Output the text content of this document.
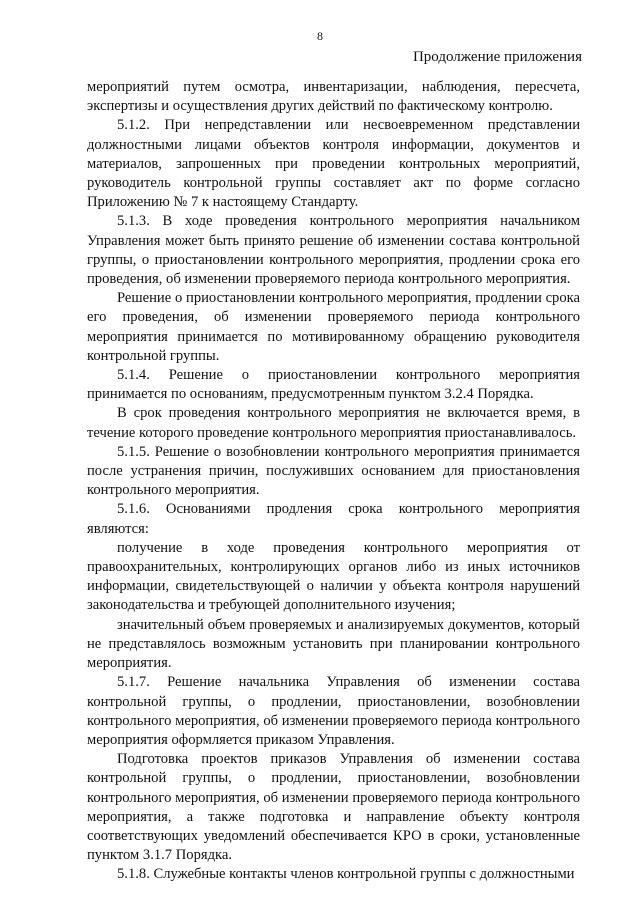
8
Продолжение приложения

мероприятий путем осмотра, инвентаризации, наблюдения, пересчета, экспертизы и осуществления других действий по фактическому контролю.

5.1.2. При непредставлении или несвоевременном представлении должностными лицами объектов контроля информации, документов и материалов, запрошенных при проведении контрольных мероприятий, руководитель контрольной группы составляет акт по форме согласно Приложению № 7 к настоящему Стандарту.

5.1.3. В ходе проведения контрольного мероприятия начальником Управления может быть принято решение об изменении состава контрольной группы, о приостановлении контрольного мероприятия, продлении срока его проведения, об изменении проверяемого периода контрольного мероприятия.

Решение о приостановлении контрольного мероприятия, продлении срока его проведения, об изменении проверяемого периода контрольного мероприятия принимается по мотивированному обращению руководителя контрольной группы.

5.1.4. Решение о приостановлении контрольного мероприятия принимается по основаниям, предусмотренным пунктом 3.2.4 Порядка.

В срок проведения контрольного мероприятия не включается время, в течение которого проведение контрольного мероприятия приостанавливалось.

5.1.5. Решение о возобновлении контрольного мероприятия принимается после устранения причин, послуживших основанием для приостановления контрольного мероприятия.

5.1.6. Основаниями продления срока контрольного мероприятия являются:

получение в ходе проведения контрольного мероприятия от правоохранительных, контролирующих органов либо из иных источников информации, свидетельствующей о наличии у объекта контроля нарушений законодательства и требующей дополнительного изучения;

значительный объем проверяемых и анализируемых документов, который не представлялось возможным установить при планировании контрольного мероприятия.

5.1.7. Решение начальника Управления об изменении состава контрольной группы, о продлении, приостановлении, возобновлении контрольного мероприятия, об изменении проверяемого периода контрольного мероприятия оформляется приказом Управления.

Подготовка проектов приказов Управления об изменении состава контрольной группы, о продлении, приостановлении, возобновлении контрольного мероприятия, об изменении проверяемого периода контрольного мероприятия, а также подготовка и направление объекту контроля соответствующих уведомлений обеспечивается КРО в сроки, установленные пунктом 3.1.7 Порядка.

5.1.8. Служебные контакты членов контрольной группы с должностными
